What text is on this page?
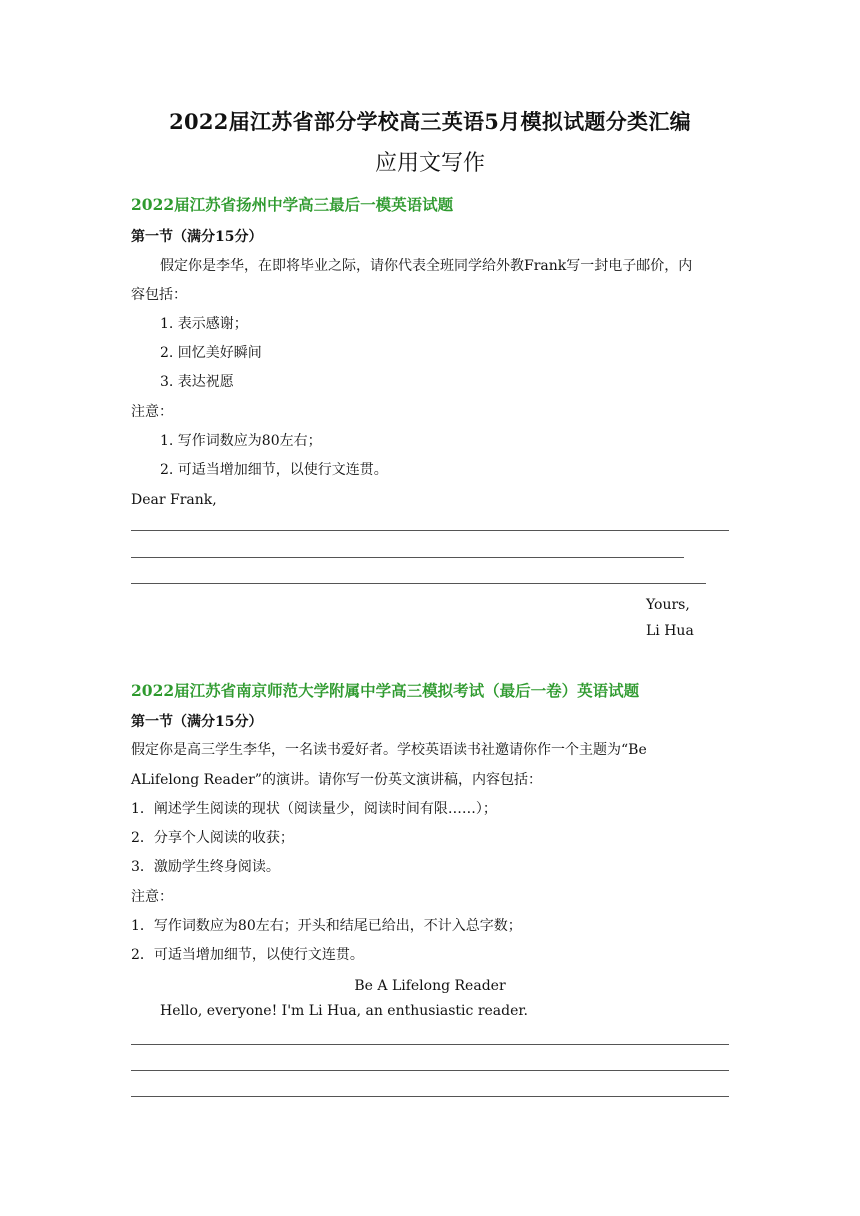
2022届江苏省部分学校高三英语5月模拟试题分类汇编
应用文写作
2022届江苏省扬州中学高三最后一模英语试题
第一节（满分15分）
假定你是李华，在即将毕业之际，请你代表全班同学给外教Frank写一封电子邮价，内
容包括：
1. 表示感谢；
2. 回忆美好瞬间
3. 表达祝愿
注意：
1. 写作词数应为80左右；
2. 可适当增加细节，以使行文连贯。
Dear Frank,
Yours,
Li Hua
2022届江苏省南京师范大学附属中学高三模拟考试（最后一卷）英语试题
第一节（满分15分）
假定你是高三学生李华，一名读书爱好者。学校英语读书社邀请你作一个主题为“Be
ALifelong Reader”的演讲。请你写一份英文演讲稿，内容包括：
1．阐述学生阅读的现状（阅读量少，阅读时间有限……）；
2．分享个人阅读的收获；
3．激励学生终身阅读。
注意：
1．写作词数应为80左右；开头和结尾已给出，不计入总字数；
2．可适当增加细节，以使行文连贯。
Be A Lifelong Reader
Hello, everyone! I'm Li Hua, an enthusiastic reader.
